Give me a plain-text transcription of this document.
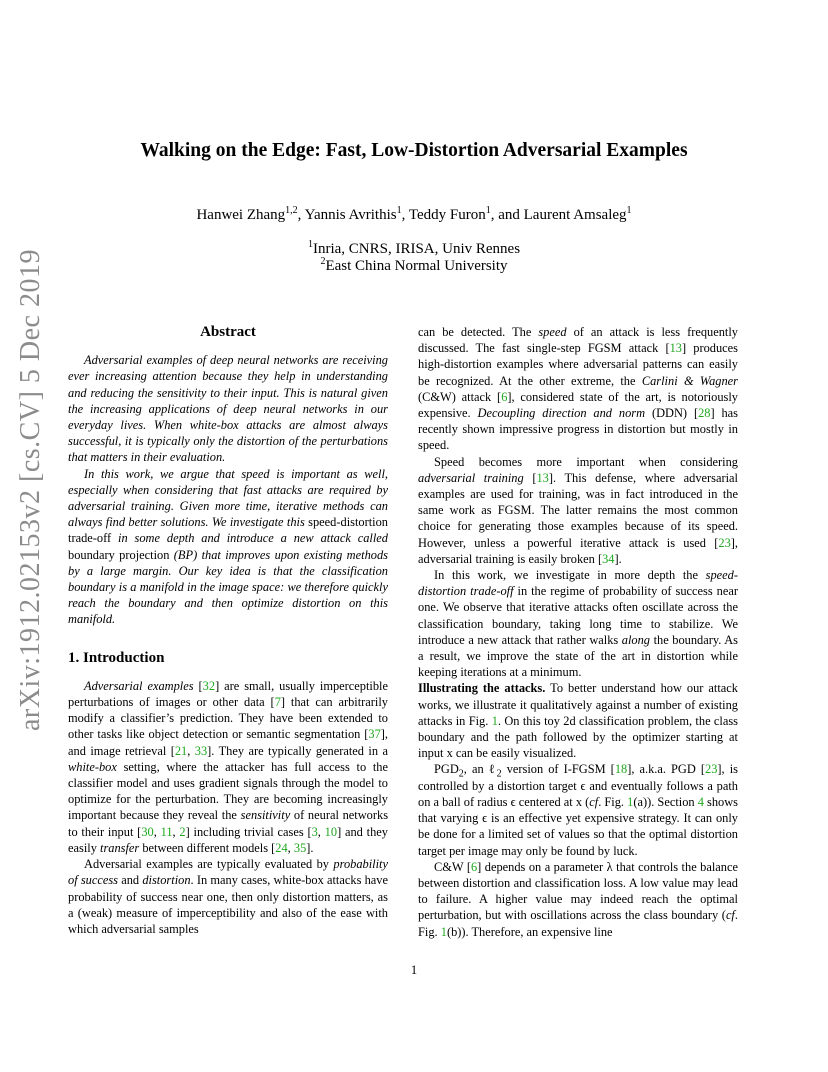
arXiv:1912.02153v2 [cs.CV] 5 Dec 2019
Walking on the Edge: Fast, Low-Distortion Adversarial Examples
Hanwei Zhang$^{1,2}$, Yannis Avrithis$^1$, Teddy Furon$^1$, and Laurent Amsaleg$^1$
$^1$Inria, CNRS, IRISA, Univ Rennes
$^2$East China Normal University
Abstract

Adversarial examples of deep neural networks are receiving ever increasing attention because they help in understanding and reducing the sensitivity to their input. This is natural given the increasing applications of deep neural networks in our everyday lives. When white-box attacks are almost always successful, it is typically only the distortion of the perturbations that matters in their evaluation.

In this work, we argue that speed is important as well, especially when considering that fast attacks are required by adversarial training. Given more time, iterative methods can always find better solutions. We investigate this speed-distortion trade-off in some depth and introduce a new attack called boundary projection (BP) that improves upon existing methods by a large margin. Our key idea is that the classification boundary is a manifold in the image space: we therefore quickly reach the boundary and then optimize distortion on this manifold.

1. Introduction

Adversarial examples [32] are small, usually imperceptible perturbations of images or other data [7] that can arbitrarily modify a classifier’s prediction. They have been extended to other tasks like object detection or semantic segmentation [37], and image retrieval [21, 33]. They are typically generated in a white-box setting, where the attacker has full access to the classifier model and uses gradient signals through the model to optimize for the perturbation. They are becoming increasingly important because they reveal the sensitivity of neural networks to their input [30, 11, 2] including trivial cases [3, 10] and they easily transfer between different models [24, 35].

Adversarial examples are typically evaluated by probability of success and distortion. In many cases, white-box attacks have probability of success near one, then only distortion matters, as a (weak) measure of imperceptibility and also of the ease with which adversarial samples

can be detected. The speed of an attack is less frequently discussed. The fast single-step FGSM attack [13] produces high-distortion examples where adversarial patterns can easily be recognized. At the other extreme, the Carlini & Wagner (C&W) attack [6], considered state of the art, is notoriously expensive. Decoupling direction and norm (DDN) [28] has recently shown impressive progress in distortion but mostly in speed.

Speed becomes more important when considering adversarial training [13]. This defense, where adversarial examples are used for training, was in fact introduced in the same work as FGSM. The latter remains the most common choice for generating those examples because of its speed. However, unless a powerful iterative attack is used [23], adversarial training is easily broken [34].

In this work, we investigate in more depth the speed-distortion trade-off in the regime of probability of success near one. We observe that iterative attacks often oscillate across the classification boundary, taking long time to stabilize. We introduce a new attack that rather walks along the boundary. As a result, we improve the state of the art in distortion while keeping iterations at a minimum.

Illustrating the attacks. To better understand how our attack works, we illustrate it qualitatively against a number of existing attacks in Fig. 1. On this toy 2d classification problem, the class boundary and the path followed by the optimizer starting at input x can be easily visualized.

$PGD_2$, an ℓ$_2$ version of I-FGSM [18], a.k.a. PGD [23], is controlled by a distortion target ϵ and eventually follows a path on a ball of radius ϵ centered at x (cf. Fig. 1(a)). Section 4 shows that varying ϵ is an effective yet expensive strategy. It can only be done for a limited set of values so that the optimal distortion target per image may only be found by luck.

C&W [6] depends on a parameter λ that controls the balance between distortion and classification loss. A low value may lead to failure. A higher value may indeed reach the optimal perturbation, but with oscillations across the class boundary (cf. Fig. 1(b)). Therefore, an expensive line

1
